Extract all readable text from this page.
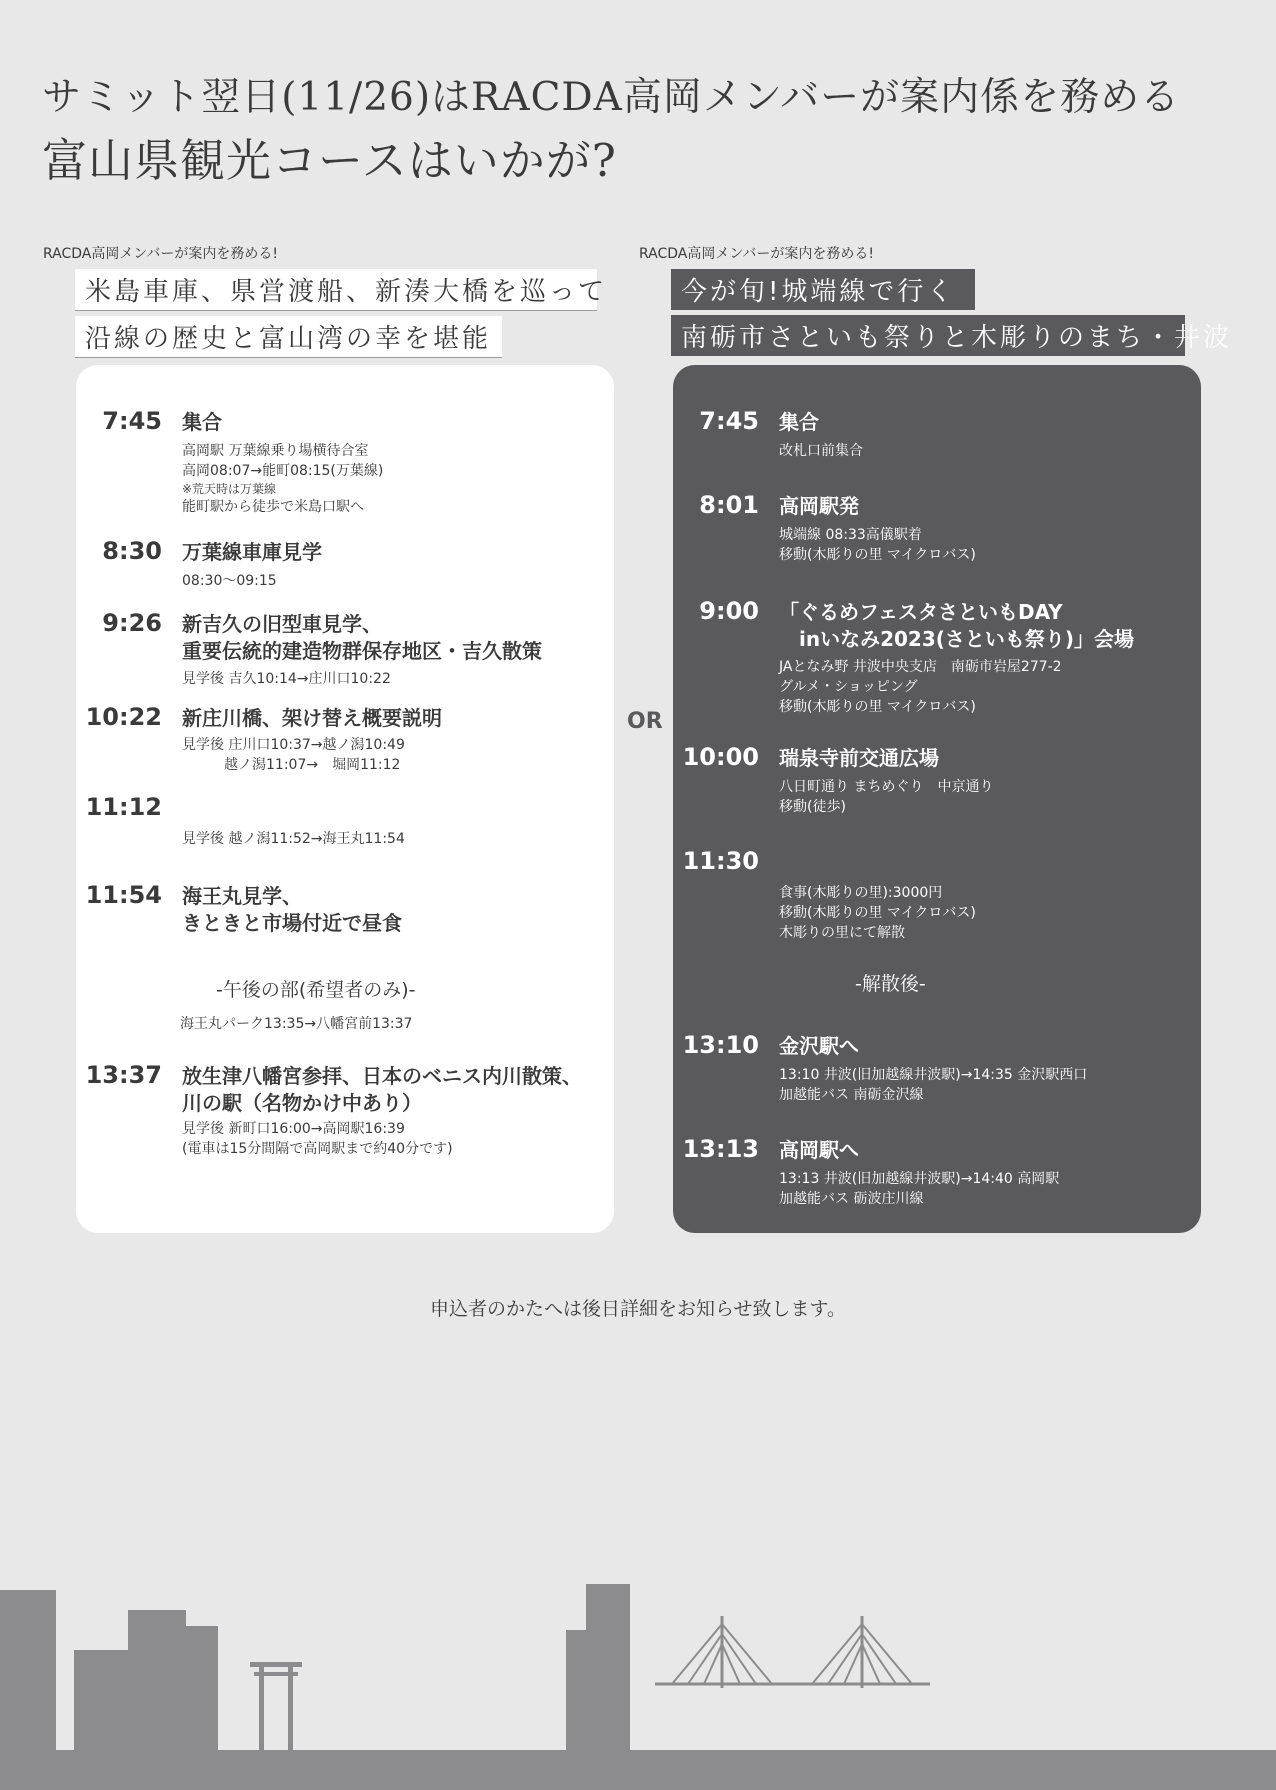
サミット翌日(11/26)はRACDA高岡メンバーが案内係を務める
富山県観光コースはいかが?
RACDA高岡メンバーが案内を務める!
米島車庫、県営渡船、新湊大橋を巡って
沿線の歴史と富山湾の幸を堪能
RACDA高岡メンバーが案内を務める!
今が旬!城端線で行く
南砺市さといも祭りと木彫りのまち・井波
7:45 集合
高岡駅 万葉線乗り場横待合室
高岡08:07→能町08:15(万葉線)
※荒天時は万葉線
能町駅から徒歩で米島口駅へ
8:30 万葉線車庫見学
08:30〜09:15
9:26 新吉久の旧型車見学、
重要伝統的建造物群保存地区・吉久散策
見学後 吉久10:14→庄川口10:22
10:22 新庄川橋、架け替え概要説明
見学後 庄川口10:37→越ノ潟10:49
　　　越ノ潟11:07→　堀岡11:12
11:12
見学後 越ノ潟11:52→海王丸11:54
11:54 海王丸見学、
きときと市場付近で昼食
-午後の部(希望者のみ)-
海王丸パーク13:35→八幡宮前13:37
13:37 放生津八幡宮参拝、日本のベニス内川散策、
川の駅（名物かけ中あり）
見学後 新町口16:00→高岡駅16:39
(電車は15分間隔で高岡駅まで約40分です)
OR
7:45 集合
改札口前集合
8:01 高岡駅発
城端線 08:33高儀駅着
移動(木彫りの里 マイクロバス)
9:00 「ぐるめフェスタさといもDAY
　inいなみ2023(さといも祭り)」会場
JAとなみ野 井波中央支店　南砺市岩屋277-2
グルメ・ショッピング
移動(木彫りの里 マイクロバス)
10:00 瑞泉寺前交通広場
八日町通り まちめぐり　中京通り
移動(徒歩)
11:30
食事(木彫りの里):3000円
移動(木彫りの里 マイクロバス)
木彫りの里にて解散
-解散後-
13:10 金沢駅へ
13:10 井波(旧加越線井波駅)→14:35 金沢駅西口
加越能バス 南砺金沢線
13:13 高岡駅へ
13:13 井波(旧加越線井波駅)→14:40 高岡駅
加越能バス 砺波庄川線
申込者のかたへは後日詳細をお知らせ致します。
